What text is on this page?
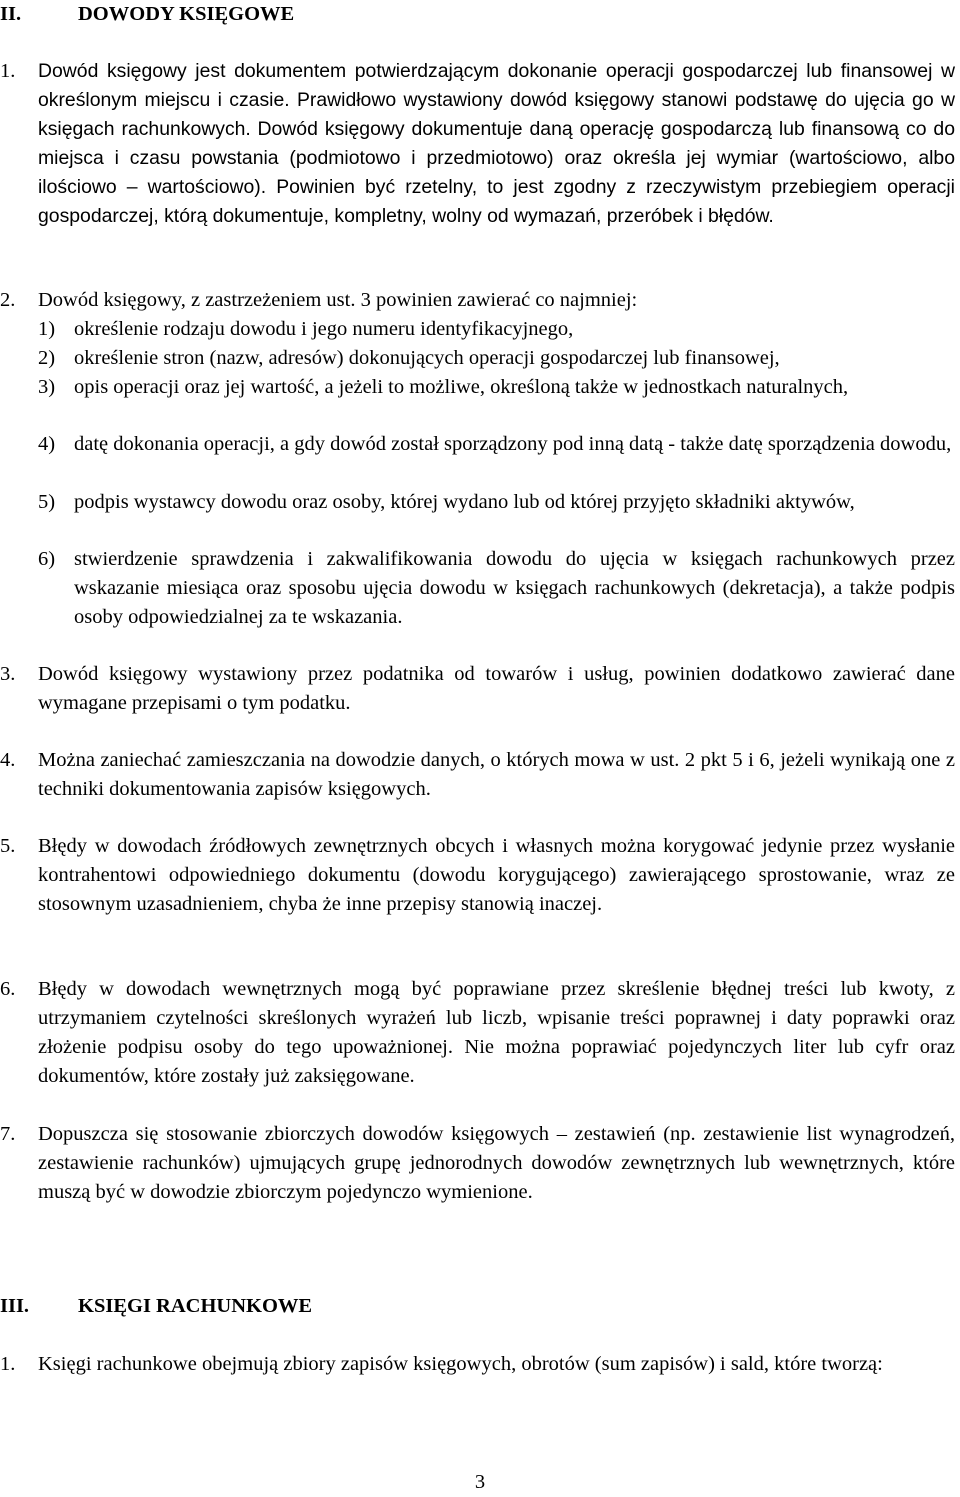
II.	DOWODY KSIĘGOWE
1. Dowód księgowy jest dokumentem potwierdzającym dokonanie operacji gospodarczej lub finansowej w określonym miejscu i czasie. Prawidłowo wystawiony dowód księgowy stanowi podstawę do ujęcia go w księgach rachunkowych. Dowód księgowy dokumentuje daną operację gospodarczą lub finansową co do miejsca i czasu powstania (podmiotowo i przedmiotowo) oraz określa jej wymiar (wartościowo, albo ilościowo – wartościowo). Powinien być rzetelny, to jest zgodny z rzeczywistym przebiegiem operacji gospodarczej, którą dokumentuje, kompletny, wolny od wymazań, przeróbek i błędów.
2. Dowód księgowy, z zastrzeżeniem ust. 3 powinien zawierać co najmniej:
1) określenie rodzaju dowodu i jego numeru identyfikacyjnego,
2) określenie stron (nazw, adresów) dokonujących operacji gospodarczej lub finansowej,
3) opis operacji oraz jej wartość, a jeżeli to możliwe, określoną także w jednostkach naturalnych,
4) datę dokonania operacji, a gdy dowód został sporządzony pod inną datą - także datę sporządzenia dowodu,
5) podpis wystawcy dowodu oraz osoby, której wydano lub od której przyjęto składniki aktywów,
6) stwierdzenie sprawdzenia i zakwalifikowania dowodu do ujęcia w księgach rachunkowych przez wskazanie miesiąca oraz sposobu ujęcia dowodu w księgach rachunkowych (dekretacja), a także podpis osoby odpowiedzialnej za te wskazania.
3. Dowód księgowy wystawiony przez podatnika od towarów i usług, powinien dodatkowo zawierać dane wymagane przepisami o tym podatku.
4. Można zaniechać zamieszczania na dowodzie danych, o których mowa w ust. 2 pkt 5 i 6, jeżeli wynikają one z techniki dokumentowania zapisów księgowych.
5. Błędy w dowodach źródłowych zewnętrznych obcych i własnych można korygować jedynie przez wysłanie kontrahentowi odpowiedniego dokumentu (dowodu korygującego) zawierającego sprostowanie, wraz ze stosownym uzasadnieniem, chyba że inne przepisy stanowią inaczej.
6. Błędy w dowodach wewnętrznych mogą być poprawiane przez skreślenie błędnej treści lub kwoty, z utrzymaniem czytelności skreślonych wyrażeń lub liczb, wpisanie treści poprawnej i daty poprawki oraz złożenie podpisu osoby do tego upoważnionej. Nie można poprawiać pojedynczych liter lub cyfr oraz dokumentów, które zostały już zaksięgowane.
7. Dopuszcza się stosowanie zbiorczych dowodów księgowych – zestawień (np. zestawienie list wynagrodzeń, zestawienie rachunków) ujmujących grupę jednorodnych dowodów zewnętrznych lub wewnętrznych, które muszą być w dowodzie zbiorczym pojedynczo wymienione.
III. KSIĘGI RACHUNKOWE
1. Księgi rachunkowe obejmują zbiory zapisów księgowych, obrotów (sum zapisów) i sald, które tworzą:
3
